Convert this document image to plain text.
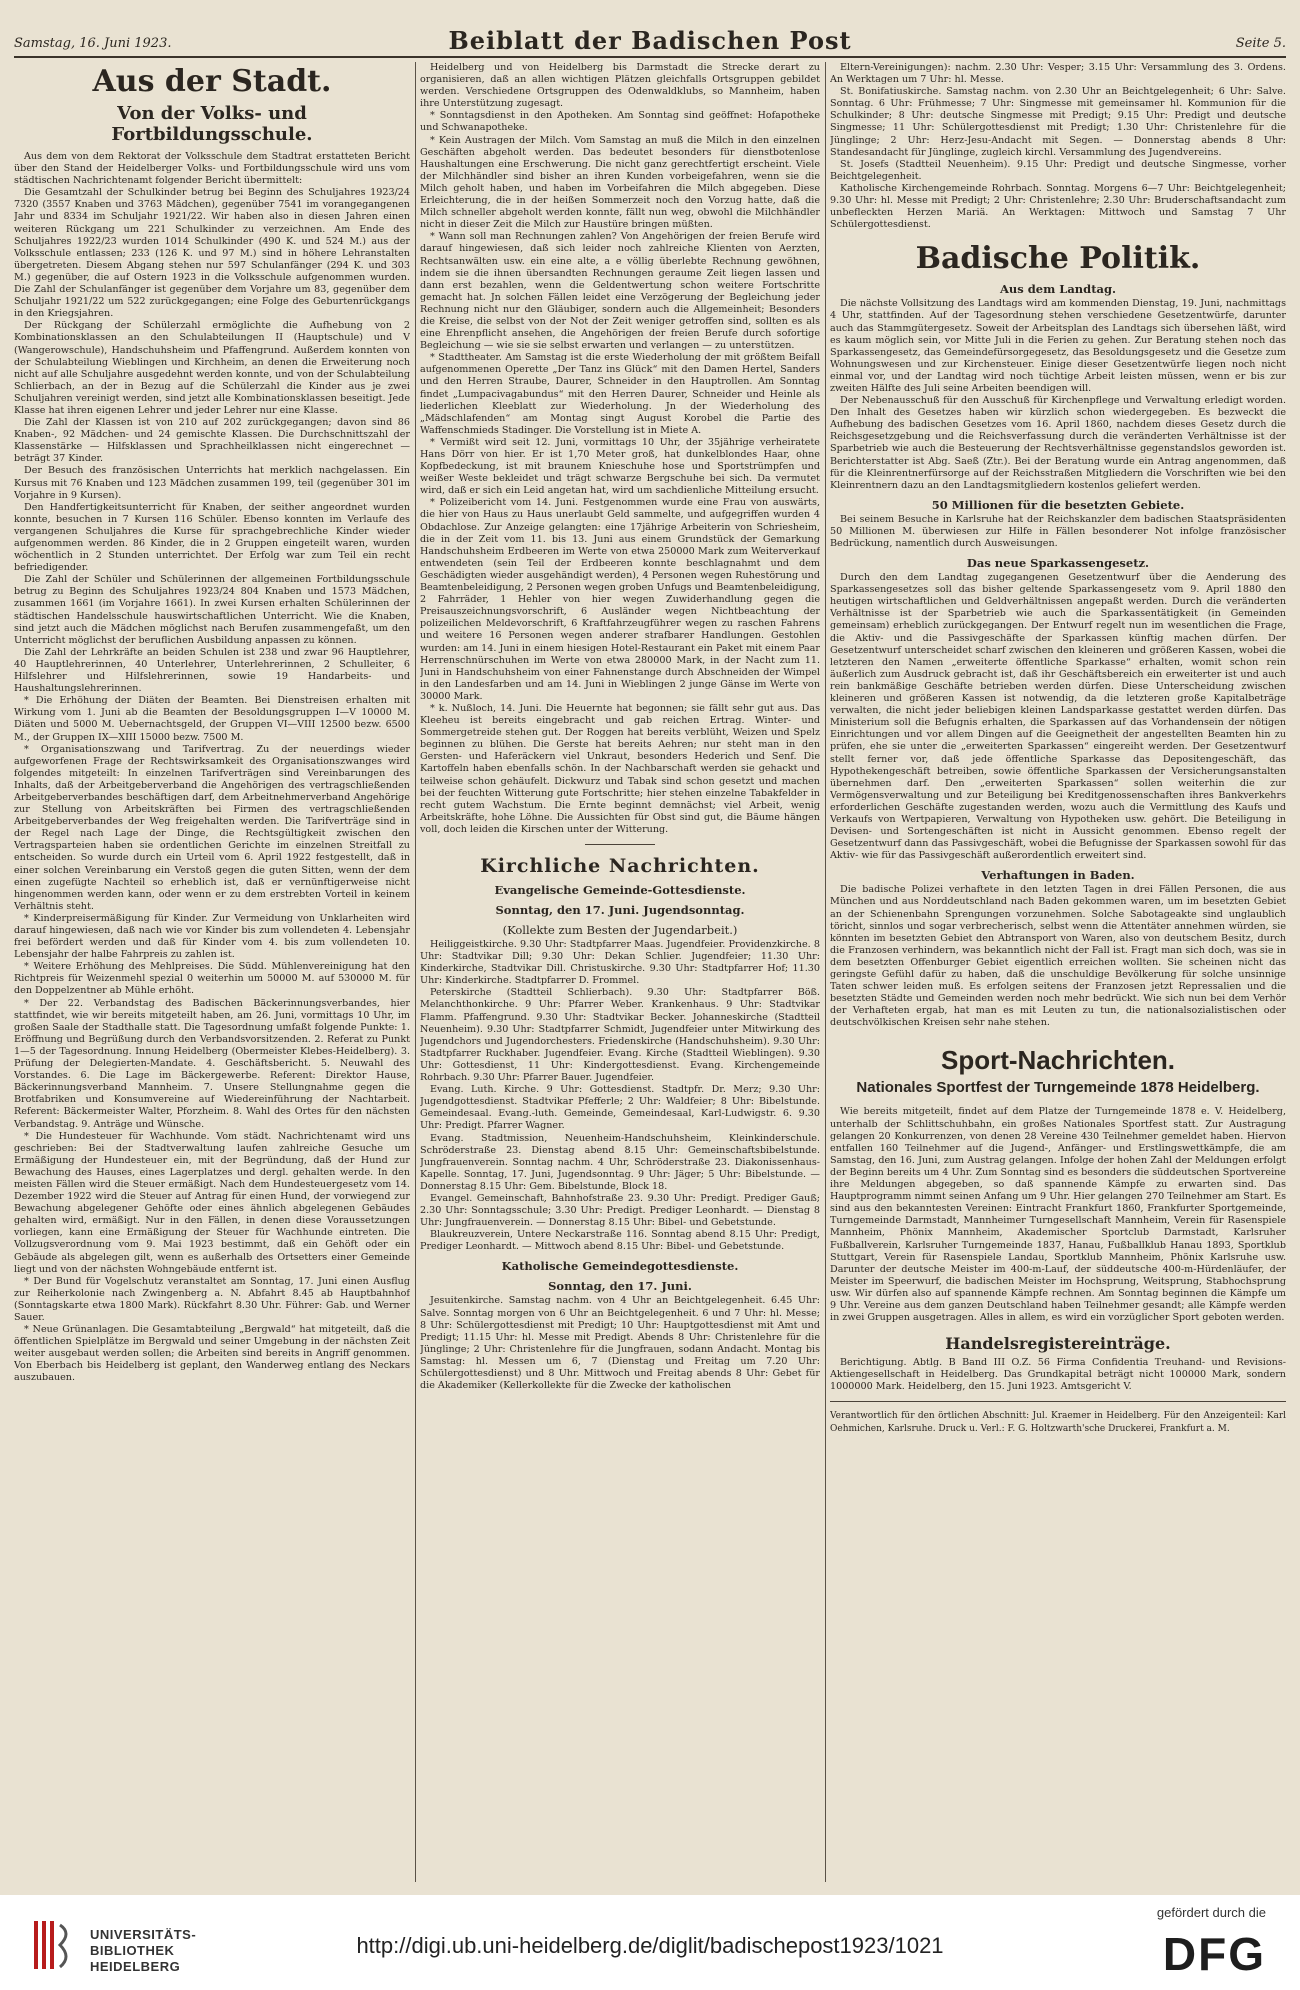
Samstag, 16. Juni 1923.	Beiblatt der Badischen Post	Seite 5.
Aus der Stadt.
Von der Volks- und Fortbildungsschule.

Aus dem von dem Rektorat der Volksschule dem Stadtrat erstatteten Bericht über den Stand der Heidelberger Volks- und Fortbildungsschule wird uns vom städtischen Nachrichtenamt folgender Bericht übermittelt:

Die Gesamtzahl der Schulkinder betrug bei Beginn des Schuljahres 1923/24 7320 (3557 Knaben und 3763 Mädchen), gegenüber 7541 im vorangegangenen Jahr und 8334 im Schuljahr 1921/22. Wir haben also in diesen Jahren einen weiteren Rückgang um 221 Schulkinder zu verzeichnen. Am Ende des Schuljahres 1922/23 wurden 1014 Schulkinder (490 K. und 524 M.) aus der Volksschule entlassen; 233 (126 K. und 97 M.) sind in höhere Lehranstalten übergetreten. Diesem Abgang stehen nur 597 Schulanfänger (294 K. und 303 M.) gegenüber, die auf Ostern 1923 in die Volksschule aufgenommen wurden. Die Zahl der Schulanfänger ist gegenüber dem Vorjahre um 83, gegenüber dem Schuljahr 1921/22 um 522 zurückgegangen; eine Folge des Geburtenrückgangs in den Kriegsjahren.

Der Rückgang der Schülerzahl ermöglichte die Aufhebung von 2 Kombinationsklassen an den Schulabteilungen II (Hauptschule) und V (Wangerowschule), Handschuhsheim und Pfaffengrund. Außerdem konnten von der Schulabteilung Wieblingen und Kirchheim, an denen die Erweiterung noch nicht auf alle Schuljahre ausgedehnt werden konnte, und von der Schulabteilung Schlierbach, an der in Bezug auf die Schülerzahl die Kinder aus je zwei Schuljahren vereinigt werden, sind jetzt alle Kombinationsklassen beseitigt. Jede Klasse hat ihren eigenen Lehrer und jeder Lehrer nur eine Klasse.

Die Zahl der Klassen ist von 210 auf 202 zurückgegangen; davon sind 86 Knaben-, 92 Mädchen- und 24 gemischte Klassen. Die Durchschnittszahl der Klassenstärke — Hilfsklassen und Sprachheilklassen nicht eingerechnet — beträgt 37 Kinder.

Der Besuch des französischen Unterrichts hat merklich nachgelassen. Ein Kursus mit 76 Knaben und 123 Mädchen zusammen 199, teil (gegenüber 301 im Vorjahre in 9 Kursen).

Den Handfertigkeitsunterricht für Knaben, der seither angeordnet wurden konnte, besuchen in 7 Kursen 116 Schüler. Ebenso konnten im Verlaufe des vergangenen Schuljahres die Kurse für sprachgebrechliche Kinder wieder aufgenommen werden. 86 Kinder, die in 2 Gruppen eingeteilt waren, wurden wöchentlich in 2 Stunden unterrichtet. Der Erfolg war zum Teil ein recht befriedigender.

Die Zahl der Schüler und Schülerinnen der allgemeinen Fortbildungsschule betrug zu Beginn des Schuljahres 1923/24 804 Knaben und 1573 Mädchen, zusammen 1661 (im Vorjahre 1661). In zwei Kursen erhalten Schülerinnen der städtischen Handelsschule hauswirtschaftlichen Unterricht. Wie die Knaben, sind jetzt auch die Mädchen möglichst nach Berufen zusammengefaßt, um den Unterricht möglichst der beruflichen Ausbildung anpassen zu können.

Die Zahl der Lehrkräfte an beiden Schulen ist 238 und zwar 96 Hauptlehrer, 40 Hauptlehrerinnen, 40 Unterlehrer, Unterlehrerinnen, 2 Schulleiter, 6 Hilfslehrer und Hilfslehrerinnen, sowie 19 Handarbeits- und Haushaltungslehrerinnen.

* Die Erhöhung der Diäten der Beamten. Bei Dienstreisen erhalten mit Wirkung vom 1. Juni ab die Beamten der Besoldungsgruppen I—V 10000 M. Diäten und 5000 M. Uebernachtsgeld, der Gruppen VI—VIII 12500 bezw. 6500 M., der Gruppen IX—XIII 15000 bezw. 7500 M.

* Organisationszwang und Tarifvertrag. Zu der neuerdings wieder aufgeworfenen Frage der Rechtswirksamkeit des Organisationszwanges wird folgendes mitgeteilt: In einzelnen Tarifverträgen sind Vereinbarungen des Inhalts, daß der Arbeitgeberverband die Angehörigen des vertragschließenden Arbeitgeberverbandes beschäftigen darf, dem Arbeitnehmerverband Angehörige zur Stellung von Arbeitskräften bei Firmen des vertragschließenden Arbeitgeberverbandes der Weg freigehalten werden. Die Tarifverträge sind in der Regel nach Lage der Dinge, die Rechtsgültigkeit zwischen den Vertragsparteien haben sie ordentlichen Gerichte im einzelnen Streitfall zu entscheiden. So wurde durch ein Urteil vom 6. April 1922 festgestellt, daß in einer solchen Vereinbarung ein Verstoß gegen die guten Sitten, wenn der dem einen zugefügte Nachteil so erheblich ist, daß er vernünftigerweise nicht hingenommen werden kann, oder wenn er zu dem erstrebten Vorteil in keinem Verhältnis steht.

* Kinderpreisermäßigung für Kinder. Zur Vermeidung von Unklarheiten wird darauf hingewiesen, daß nach wie vor Kinder bis zum vollendeten 4. Lebensjahr frei befördert werden und daß für Kinder vom 4. bis zum vollendeten 10. Lebensjahr der halbe Fahrpreis zu zahlen ist.

* Weitere Erhöhung des Mehlpreises. Die Südd. Mühlenvereinigung hat den Richtpreis für Weizenmehl spezial 0 weiterhin um 50000 M. auf 530000 M. für den Doppelzentner ab Mühle erhöht.

* Der 22. Verbandstag des Badischen Bäckerinnungsverbandes, hier stattfindet, wie wir bereits mitgeteilt haben, am 26. Juni, vormittags 10 Uhr, im großen Saale der Stadthalle statt. Die Tagesordnung umfaßt folgende Punkte: 1. Eröffnung und Begrüßung durch den Verbandsvorsitzenden. 2. Referat zu Punkt 1—5 der Tagesordnung. Innung Heidelberg (Obermeister Klebes-Heidelberg). 3. Prüfung der Delegierten-Mandate. 4. Geschäftsbericht. 5. Neuwahl des Vorstandes. 6. Die Lage im Bäckergewerbe. Referent: Direktor Hause, Bäckerinnungsverband Mannheim. 7. Unsere Stellungnahme gegen die Brotfabriken und Konsumvereine auf Wiedereinführung der Nachtarbeit. Referent: Bäckermeister Walter, Pforzheim. 8. Wahl des Ortes für den nächsten Verbandstag. 9. Anträge und Wünsche.

* Die Hundesteuer für Wachhunde. Vom städt. Nachrichtenamt wird uns geschrieben: Bei der Stadtverwaltung laufen zahlreiche Gesuche um Ermäßigung der Hundesteuer ein, mit der Begründung, daß der Hund zur Bewachung des Hauses, eines Lagerplatzes und dergl. gehalten werde. In den meisten Fällen wird die Steuer ermäßigt. Nach dem Hundesteuergesetz vom 14. Dezember 1922 wird die Steuer auf Antrag für einen Hund, der vorwiegend zur Bewachung abgelegener Gehöfte oder eines ähnlich abgelegenen Gebäudes gehalten wird, ermäßigt. Nur in den Fällen, in denen diese Voraussetzungen vorliegen, kann eine Ermäßigung der Steuer für Wachhunde eintreten. Die Vollzugsverordnung vom 9. Mai 1923 bestimmt, daß ein Gehöft oder ein Gebäude als abgelegen gilt, wenn es außerhalb des Ortsetters einer Gemeinde liegt und von der nächsten Wohngebäude entfernt ist.

* Der Bund für Vogelschutz veranstaltet am Sonntag, 17. Juni einen Ausflug zur Reiherkolonie nach Zwingenberg a. N. Abfahrt 8.45 ab Hauptbahnhof (Sonntagskarte etwa 1800 Mark). Rückfahrt 8.30 Uhr. Führer: Gab. und Werner Sauer.

* Neue Grünanlagen. Die Gesamtabteilung „Bergwald“ hat mitgeteilt, daß die öffentlichen Spielplätze im Bergwald und seiner Umgebung in der nächsten Zeit weiter ausgebaut werden sollen; die Arbeiten sind bereits in Angriff genommen. Von Eberbach bis Heidelberg ist geplant, den Wanderweg entlang des Neckars auszubauen.

Heidelberg und von Heidelberg bis Darmstadt die Strecke derart zu organisieren, daß an allen wichtigen Plätzen gleichfalls Ortsgruppen gebildet werden. Verschiedene Ortsgruppen des Odenwaldklubs, so Mannheim, haben ihre Unterstützung zugesagt.

* Sonntagsdienst in den Apotheken. Am Sonntag sind geöffnet: Hofapotheke und Schwanapotheke.

* Kein Austragen der Milch. Vom Samstag an muß die Milch in den einzelnen Geschäften abgeholt werden. Das bedeutet besonders für dienstbotenlose Haushaltungen eine Erschwerung. Die nicht ganz gerechtfertigt erscheint. Viele der Milchhändler sind bisher an ihren Kunden vorbeigefahren, wenn sie die Milch geholt haben, und haben im Vorbeifahren die Milch abgegeben. Diese Erleichterung, die in der heißen Sommerzeit noch den Vorzug hatte, daß die Milch schneller abgeholt werden konnte, fällt nun weg, obwohl die Milchhändler nicht in dieser Zeit die Milch zur Haustüre bringen müßten.

* Wann soll man Rechnungen zahlen? Von Angehörigen der freien Berufe wird darauf hingewiesen, daß sich leider noch zahlreiche Klienten von Aerzten, Rechtsanwälten usw. ein eine alte, a e völlig überlebte Rechnung gewöhnen, indem sie die ihnen übersandten Rechnungen geraume Zeit liegen lassen und dann erst bezahlen, wenn die Geldentwertung schon weitere Fortschritte gemacht hat. Jn solchen Fällen leidet eine Verzögerung der Begleichung jeder Rechnung nicht nur den Gläubiger, sondern auch die Allgemeinheit; Besonders die Kreise, die selbst von der Not der Zeit weniger getroffen sind, sollten es als eine Ehrenpflicht ansehen, die Angehörigen der freien Berufe durch sofortige Begleichung — wie sie sie selbst erwarten und verlangen — zu unterstützen.

* Stadttheater. Am Samstag ist die erste Wiederholung der mit größtem Beifall aufgenommenen Operette „Der Tanz ins Glück“ mit den Damen Hertel, Sanders und den Herren Straube, Daurer, Schneider in den Hauptrollen. Am Sonntag findet „Lumpacivagabundus“ mit den Herren Daurer, Schneider und Heinle als liederlichen Kleeblatt zur Wiederholung. Jn der Wiederholung des „Mädschlafenden“ am Montag singt August Korobel die Partie des Waffenschmieds Stadinger. Die Vorstellung ist in Miete A.

* Vermißt wird seit 12. Juni, vormittags 10 Uhr, der 35jährige verheiratete Hans Dörr von hier. Er ist 1,70 Meter groß, hat dunkelblondes Haar, ohne Kopfbedeckung, ist mit braunem Knieschuhe hose und Sportstrümpfen und weißer Weste bekleidet und trägt schwarze Bergschuhe bei sich. Da vermutet wird, daß er sich ein Leid angetan hat, wird um sachdienliche Mitteilung ersucht.

* Polizeibericht vom 14. Juni. Festgenommen wurde eine Frau von auswärts, die hier von Haus zu Haus unerlaubt Geld sammelte, und aufgegriffen wurden 4 Obdachlose. Zur Anzeige gelangten: eine 17jährige Arbeiterin von Schriesheim, die in der Zeit vom 11. bis 13. Juni aus einem Grundstück der Gemarkung Handschuhsheim Erdbeeren im Werte von etwa 250000 Mark zum Weiterverkauf entwendeten (sein Teil der Erdbeeren konnte beschlagnahmt und dem Geschädigten wieder ausgehändigt werden), 4 Personen wegen Ruhestörung und Beamtenbeleidigung, 2 Personen wegen groben Unfugs und Beamtenbeleidigung, 2 Fahrräder, 1 Hehler von hier wegen Zuwiderhandlung gegen die Preisauszeichnungsvorschrift, 6 Ausländer wegen Nichtbeachtung der polizeilichen Meldevorschrift, 6 Kraftfahrzeugführer wegen zu raschen Fahrens und weitere 16 Personen wegen anderer strafbarer Handlungen. Gestohlen wurden: am 14. Juni in einem hiesigen Hotel-Restaurant ein Paket mit einem Paar Herrenschnürschuhen im Werte von etwa 280000 Mark, in der Nacht zum 11. Juni in Handschuhsheim von einer Fahnenstange durch Abschneiden der Wimpel in den Landesfarben und am 14. Juni in Wieblingen 2 junge Gänse im Werte von 30000 Mark.

* k. Nußloch, 14. Juni. Die Heuernte hat begonnen; sie fällt sehr gut aus. Das Kleeheu ist bereits eingebracht und gab reichen Ertrag. Winter- und Sommergetreide stehen gut. Der Roggen hat bereits verblüht, Weizen und Spelz beginnen zu blühen. Die Gerste hat bereits Aehren; nur steht man in den Gersten- und Haferäckern viel Unkraut, besonders Hederich und Senf. Die Kartoffeln haben ebenfalls schön. In der Nachbarschaft werden sie gehackt und teilweise schon gehäufelt. Dickwurz und Tabak sind schon gesetzt und machen bei der feuchten Witterung gute Fortschritte; hier stehen einzelne Tabakfelder in recht gutem Wachstum. Die Ernte beginnt demnächst; viel Arbeit, wenig Arbeitskräfte, hohe Löhne. Die Aussichten für Obst sind gut, die Bäume hängen voll, doch leiden die Kirschen unter der Witterung.

Kirchliche Nachrichten.
Evangelische Gemeinde-Gottesdienste.
Sonntag, den 17. Juni. Jugendsonntag.
(Kollekte zum Besten der Jugendarbeit.)

Heiliggeistkirche. 9.30 Uhr: Stadtpfarrer Maas. Jugendfeier. Providenzkirche. 8 Uhr: Stadtvikar Dill; 9.30 Uhr: Dekan Schlier. Jugendfeier; 11.30 Uhr: Kinderkirche, Stadtvikar Dill. Christuskirche. 9.30 Uhr: Stadtpfarrer Hof; 11.30 Uhr: Kinderkirche. Stadtpfarrer D. Frommel.

Peterskirche (Stadtteil Schlierbach). 9.30 Uhr: Stadtpfarrer Böß. Melanchthonkirche. 9 Uhr: Pfarrer Weber. Krankenhaus. 9 Uhr: Stadtvikar Flamm. Pfaffengrund. 9.30 Uhr: Stadtvikar Becker. Johanneskirche (Stadtteil Neuenheim). 9.30 Uhr: Stadtpfarrer Schmidt, Jugendfeier unter Mitwirkung des Jugendchors und Jugendorchesters. Friedenskirche (Handschuhsheim). 9.30 Uhr: Stadtpfarrer Ruckhaber. Jugendfeier. Evang. Kirche (Stadtteil Wieblingen). 9.30 Uhr: Gottesdienst, 11 Uhr: Kindergottesdienst. Evang. Kirchengemeinde Rohrbach. 9.30 Uhr: Pfarrer Bauer. Jugendfeier.

Evang. Luth. Kirche. 9 Uhr: Gottesdienst. Stadtpfr. Dr. Merz; 9.30 Uhr: Jugendgottesdienst. Stadtvikar Pfefferle; 2 Uhr: Waldfeier; 8 Uhr: Bibelstunde. Gemeindesaal. Evang.-luth. Gemeinde, Gemeindesaal, Karl-Ludwigstr. 6. 9.30 Uhr: Predigt. Pfarrer Wagner.

Evang. Stadtmission, Neuenheim-Handschuhsheim, Kleinkinderschule. Schröderstraße 23. Dienstag abend 8.15 Uhr: Gemeinschaftsbibelstunde. Jungfrauenverein. Sonntag nachm. 4 Uhr, Schröderstraße 23. Diakonissenhaus-Kapelle. Sonntag, 17. Juni, Jugendsonntag. 9 Uhr: Jäger; 5 Uhr: Bibelstunde. — Donnerstag 8.15 Uhr: Gem. Bibelstunde, Block 18.

Evangel. Gemeinschaft, Bahnhofstraße 23. 9.30 Uhr: Predigt. Prediger Gauß; 2.30 Uhr: Sonntagsschule; 3.30 Uhr: Predigt. Prediger Leonhardt. — Dienstag 8 Uhr: Jungfrauenverein. — Donnerstag 8.15 Uhr: Bibel- und Gebetstunde.

Blaukreuzverein, Untere Neckarstraße 116. Sonntag abend 8.15 Uhr: Predigt, Prediger Leonhardt. — Mittwoch abend 8.15 Uhr: Bibel- und Gebetstunde.

Katholische Gemeindegottesdienste.
Sonntag, den 17. Juni.

Jesuitenkirche. Samstag nachm. von 4 Uhr an Beichtgelegenheit. 6.45 Uhr: Salve. Sonntag morgen von 6 Uhr an Beichtgelegenheit. 6 und 7 Uhr: hl. Messe; 8 Uhr: Schülergottesdienst mit Predigt; 10 Uhr: Hauptgottesdienst mit Amt und Predigt; 11.15 Uhr: hl. Messe mit Predigt. Abends 8 Uhr: Christenlehre für die Jünglinge; 2 Uhr: Christenlehre für die Jungfrauen, sodann Andacht. Montag bis Samstag: hl. Messen um 6, 7 (Dienstag und Freitag um 7.20 Uhr: Schülergottesdienst) und 8 Uhr. Mittwoch und Freitag abends 8 Uhr: Gebet für die Akademiker (Kellerkollekte für die Zwecke der katholischen

Eltern-Vereinigungen): nachm. 2.30 Uhr: Vesper; 3.15 Uhr: Versammlung des 3. Ordens. An Werktagen um 7 Uhr: hl. Messe.

St. Bonifatiuskirche. Samstag nachm. von 2.30 Uhr an Beichtgelegenheit; 6 Uhr: Salve. Sonntag. 6 Uhr: Frühmesse; 7 Uhr: Singmesse mit gemeinsamer hl. Kommunion für die Schulkinder; 8 Uhr: deutsche Singmesse mit Predigt; 9.15 Uhr: Predigt und deutsche Singmesse; 11 Uhr: Schülergottesdienst mit Predigt; 1.30 Uhr: Christenlehre für die Jünglinge; 2 Uhr: Herz-Jesu-Andacht mit Segen. — Donnerstag abends 8 Uhr: Standesandacht für Jünglinge, zugleich kirchl. Versammlung des Jugendvereins.

St. Josefs (Stadtteil Neuenheim). 9.15 Uhr: Predigt und deutsche Singmesse, vorher Beichtgelegenheit.

Katholische Kirchengemeinde Rohrbach. Sonntag. Morgens 6—7 Uhr: Beichtgelegenheit; 9.30 Uhr: hl. Messe mit Predigt; 2 Uhr: Christenlehre; 2.30 Uhr: Bruderschaftsandacht zum unbefleckten Herzen Mariä. An Werktagen: Mittwoch und Samstag 7 Uhr Schülergottesdienst.

Badische Politik.
Aus dem Landtag.

Die nächste Vollsitzung des Landtags wird am kommenden Dienstag, 19. Juni, nachmittags 4 Uhr, stattfinden. Auf der Tagesordnung stehen verschiedene Gesetzentwürfe, darunter auch das Stammgütergesetz. Soweit der Arbeitsplan des Landtags sich übersehen läßt, wird es kaum möglich sein, vor Mitte Juli in die Ferien zu gehen. Zur Beratung stehen noch das Sparkassengesetz, das Gemeindefürsorgegesetz, das Besoldungsgesetz und die Gesetze zum Wohnungswesen und zur Kirchensteuer. Einige dieser Gesetzentwürfe liegen noch nicht einmal vor, und der Landtag wird noch tüchtige Arbeit leisten müssen, wenn er bis zur zweiten Hälfte des Juli seine Arbeiten beendigen will.

Der Nebenausschuß für den Ausschuß für Kirchenpflege und Verwaltung erledigt worden. Den Inhalt des Gesetzes haben wir kürzlich schon wiedergegeben. Es bezweckt die Aufhebung des badischen Gesetzes vom 16. April 1860, nachdem dieses Gesetz durch die Reichsgesetzgebung und die Reichsverfassung durch die veränderten Verhältnisse ist der Sparbetrieb wie auch die Besteuerung der Rechtsverhältnisse gegenstandslos geworden ist. Berichterstatter ist Abg. Saeß (Ztr.). Bei der Beratung wurde ein Antrag angenommen, daß für die Kleinrentnerfürsorge auf der Reichsstraßen Mitgliedern die Vorschriften wie bei den Kleinrentnern dazu an den Landtagsmitgliedern kostenlos geliefert werden.

50 Millionen für die besetzten Gebiete.

Bei seinem Besuche in Karlsruhe hat der Reichskanzler dem badischen Staatspräsidenten 50 Millionen M. überwiesen zur Hilfe in Fällen besonderer Not infolge französischer Bedrückung, namentlich durch Ausweisungen.

Das neue Sparkassengesetz.

Durch den dem Landtag zugegangenen Gesetzentwurf über die Aenderung des Sparkassengesetzes soll das bisher geltende Sparkassengesetz vom 9. April 1880 den heutigen wirtschaftlichen und Geldverhältnissen angepaßt werden. Durch die veränderten Verhältnisse ist der Sparbetrieb wie auch die Sparkassentätigkeit (in Gemeinden gemeinsam) erheblich zurückgegangen. Der Entwurf regelt nun im wesentlichen die Frage, die Aktiv- und die Passivgeschäfte der Sparkassen künftig machen dürfen. Der Gesetzentwurf unterscheidet scharf zwischen den kleineren und größeren Kassen, wobei die letzteren den Namen „erweiterte öffentliche Sparkasse“ erhalten, womit schon rein äußerlich zum Ausdruck gebracht ist, daß ihr Geschäftsbereich ein erweiterter ist und auch rein bankmäßige Geschäfte betrieben werden dürfen. Diese Unterscheidung zwischen kleineren und größeren Kassen ist notwendig, da die letzteren große Kapitalbeträge verwalten, die nicht jeder beliebigen kleinen Landsparkasse gestattet werden dürfen. Das Ministerium soll die Befugnis erhalten, die Sparkassen auf das Vorhandensein der nötigen Einrichtungen und vor allem Dingen auf die Geeignetheit der angestellten Beamten hin zu prüfen, ehe sie unter die „erweiterten Sparkassen“ eingereiht werden. Der Gesetzentwurf stellt ferner vor, daß jede öffentliche Sparkasse das Depositengeschäft, das Hypothekengeschäft betreiben, sowie öffentliche Sparkassen der Versicherungsanstalten übernehmen darf. Den „erweiterten Sparkassen“ sollen weiterhin die zur Vermögensverwaltung und zur Beteiligung bei Kreditgenossenschaften ihres Bankverkehrs erforderlichen Geschäfte zugestanden werden, wozu auch die Vermittlung des Kaufs und Verkaufs von Wertpapieren, Verwaltung von Hypotheken usw. gehört. Die Beteiligung in Devisen- und Sortengeschäften ist nicht in Aussicht genommen. Ebenso regelt der Gesetzentwurf dann das Passivgeschäft, wobei die Befugnisse der Sparkassen sowohl für das Aktiv- wie für das Passivgeschäft außerordentlich erweitert sind.

Verhaftungen in Baden.

Die badische Polizei verhaftete in den letzten Tagen in drei Fällen Personen, die aus München und aus Norddeutschland nach Baden gekommen waren, um im besetzten Gebiet an der Schienenbahn Sprengungen vorzunehmen. Solche Sabotageakte sind unglaublich töricht, sinnlos und sogar verbrecherisch, selbst wenn die Attentäter annehmen würden, sie könnten im besetzten Gebiet den Abtransport von Waren, also von deutschem Besitz, durch die Franzosen verhindern, was bekanntlich nicht der Fall ist. Fragt man sich doch, was sie in dem besetzten Offenburger Gebiet eigentlich erreichen wollten. Sie scheinen nicht das geringste Gefühl dafür zu haben, daß die unschuldige Bevölkerung für solche unsinnige Taten schwer leiden muß. Es erfolgen seitens der Franzosen jetzt Repressalien und die besetzten Städte und Gemeinden werden noch mehr bedrückt. Wie sich nun bei dem Verhör der Verhafteten ergab, hat man es mit Leuten zu tun, die nationalsozialistischen oder deutschvölkischen Kreisen sehr nahe stehen.

Sport-Nachrichten.
Nationales Sportfest der Turngemeinde 1878 Heidelberg.

Wie bereits mitgeteilt, findet auf dem Platze der Turngemeinde 1878 e. V. Heidelberg, unterhalb der Schlittschuhbahn, ein großes Nationales Sportfest statt. Zur Austragung gelangen 20 Konkurrenzen, von denen 28 Vereine 430 Teilnehmer gemeldet haben. Hiervon entfallen 160 Teilnehmer auf die Jugend-, Anfänger- und Erstlingswettkämpfe, die am Samstag, den 16. Juni, zum Austrag gelangen. Infolge der hohen Zahl der Meldungen erfolgt der Beginn bereits um 4 Uhr. Zum Sonntag sind es besonders die süddeutschen Sportvereine ihre Meldungen abgegeben, so daß spannende Kämpfe zu erwarten sind. Das Hauptprogramm nimmt seinen Anfang um 9 Uhr. Hier gelangen 270 Teilnehmer am Start. Es sind aus den bekanntesten Vereinen: Eintracht Frankfurt 1860, Frankfurter Sportgemeinde, Turngemeinde Darmstadt, Mannheimer Turngesellschaft Mannheim, Verein für Rasenspiele Mannheim, Phönix Mannheim, Akademischer Sportclub Darmstadt, Karlsruher Fußballverein, Karlsruher Turngemeinde 1837, Hanau, Fußballklub Hanau 1893, Sportklub Stuttgart, Verein für Rasenspiele Landau, Sportklub Mannheim, Phönix Karlsruhe usw. Darunter der deutsche Meister im 400-m-Lauf, der süddeutsche 400-m-Hürdenläufer, der Meister im Speerwurf, die badischen Meister im Hochsprung, Weitsprung, Stabhochsprung usw. Wir dürfen also auf spannende Kämpfe rechnen. Am Sonntag beginnen die Kämpfe um 9 Uhr. Vereine aus dem ganzen Deutschland haben Teilnehmer gesandt; alle Kämpfe werden in zwei Gruppen ausgetragen. Alles in allem, es wird ein vorzüglicher Sport geboten werden.

Handelsregistereinträge.

Berichtigung. Abtlg. B Band III O.Z. 56 Firma Confidentia Treuhand- und Revisions-Aktiengesellschaft in Heidelberg. Das Grundkapital beträgt nicht 100000 Mark, sondern 1000000 Mark. Heidelberg, den 15. Juni 1923. Amtsgericht V.

Verantwortlich für den örtlichen Abschnitt: Jul. Kraemer in Heidelberg. Für den Anzeigenteil: Karl Oehmichen, Karlsruhe. Druck u. Verl.: F. G. Holtzwarth'sche Druckerei, Frankfurt a. M.
UNIVERSITÄTS-
BIBLIOTHEK
HEIDELBERG
http://digi.ub.uni-heidelberg.de/diglit/badischepost1923/1021
gefördert durch die
DFG
